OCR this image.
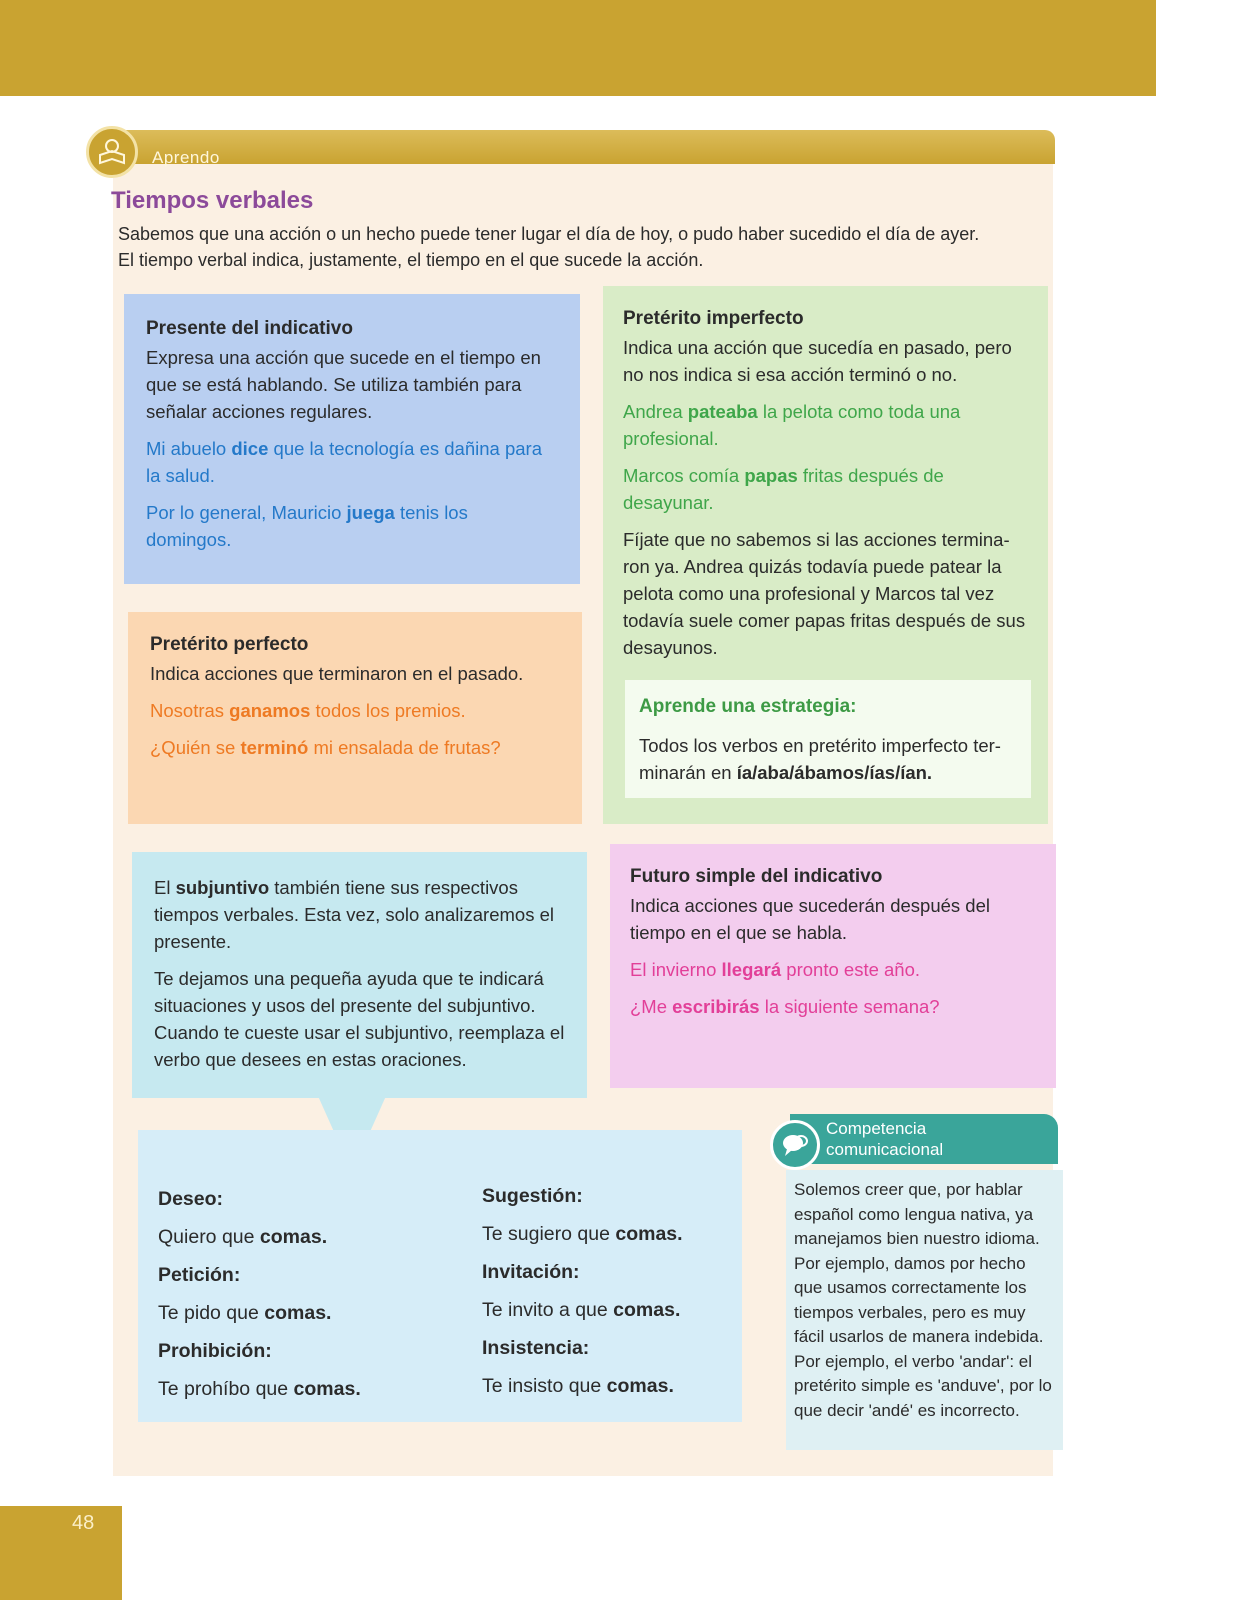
Aprendo
Tiempos verbales
Sabemos que una acción o un hecho puede tener lugar el día de hoy, o pudo haber sucedido el día de ayer.
El tiempo verbal indica, justamente, el tiempo en el que sucede la acción.
Presente del indicativo

Expresa una acción que sucede en el tiempo en que se está hablando. Se utiliza también para señalar acciones regulares.

Mi abuelo dice que la tecnología es dañina para la salud.

Por lo general, Mauricio juega tenis los domingos.

Pretérito imperfecto

Indica una acción que sucedía en pasado, pero no nos indica si esa acción terminó o no.

Andrea pateaba la pelota como toda una profesional.

Marcos comía papas fritas después de desayunar.

Fíjate que no sabemos si las acciones termina-ron ya. Andrea quizás todavía puede patear la pelota como una profesional y Marcos tal vez todavía suele comer papas fritas después de sus desayunos.

Aprende una estrategia:

Todos los verbos en pretérito imperfecto ter-minarán en ía/aba/ábamos/ías/ían.

Pretérito perfecto

Indica acciones que terminaron en el pasado.

Nosotras ganamos todos los premios.

¿Quién se terminó mi ensalada de frutas?

El subjuntivo también tiene sus respectivos tiempos verbales. Esta vez, solo analizaremos el presente.

Te dejamos una pequeña ayuda que te indicará situaciones y usos del presente del subjuntivo. Cuando te cueste usar el subjuntivo, reemplaza el verbo que desees en estas oraciones.

Futuro simple del indicativo

Indica acciones que sucederán después del tiempo en el que se habla.

El invierno llegará pronto este año.

¿Me escribirás la siguiente semana?

Deseo:
Quiero que comas.
Petición:
Te pido que comas.
Prohibición:
Te prohíbo que comas.
Sugestión:
Te sugiero que comas.
Invitación:
Te invito a que comas.
Insistencia:
Te insisto que comas.

Solemos creer que, por hablar español como lengua nativa, ya manejamos bien nuestro idioma. Por ejemplo, damos por hecho que usamos correctamente los tiempos verbales, pero es muy fácil usarlos de manera indebida. Por ejemplo, el verbo 'andar': el pretérito simple es 'anduve', por lo que decir 'andé' es incorrecto.

Competencia
comunicacional
48
